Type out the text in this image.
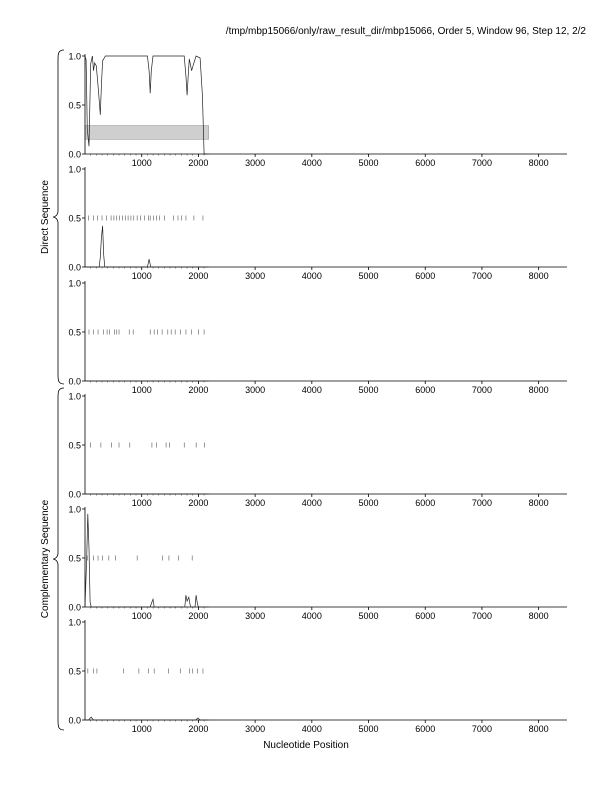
/tmp/mbp15066/only/raw_result_dir/mbp15066, Order 5, Window 96, Step 12, 2/2
0.0
0.5
1.0
1000	2000	3000	4000	5000	6000	7000	8000
0.0
0.5
1.0
1000	2000	3000	4000	5000	6000	7000	8000
0.0
0.5
1.0
1000	2000	3000	4000	5000	6000	7000	8000
0.0
0.5
1.0
1000	2000	3000	4000	5000	6000	7000	8000
0.0
0.5
1.0
1000	2000	3000	4000	5000	6000	7000	8000
0.0
0.5
1.0
1000	2000	3000	4000	5000	6000	7000	8000
Direct Sequence
Complementary Sequence
Nucleotide Position
